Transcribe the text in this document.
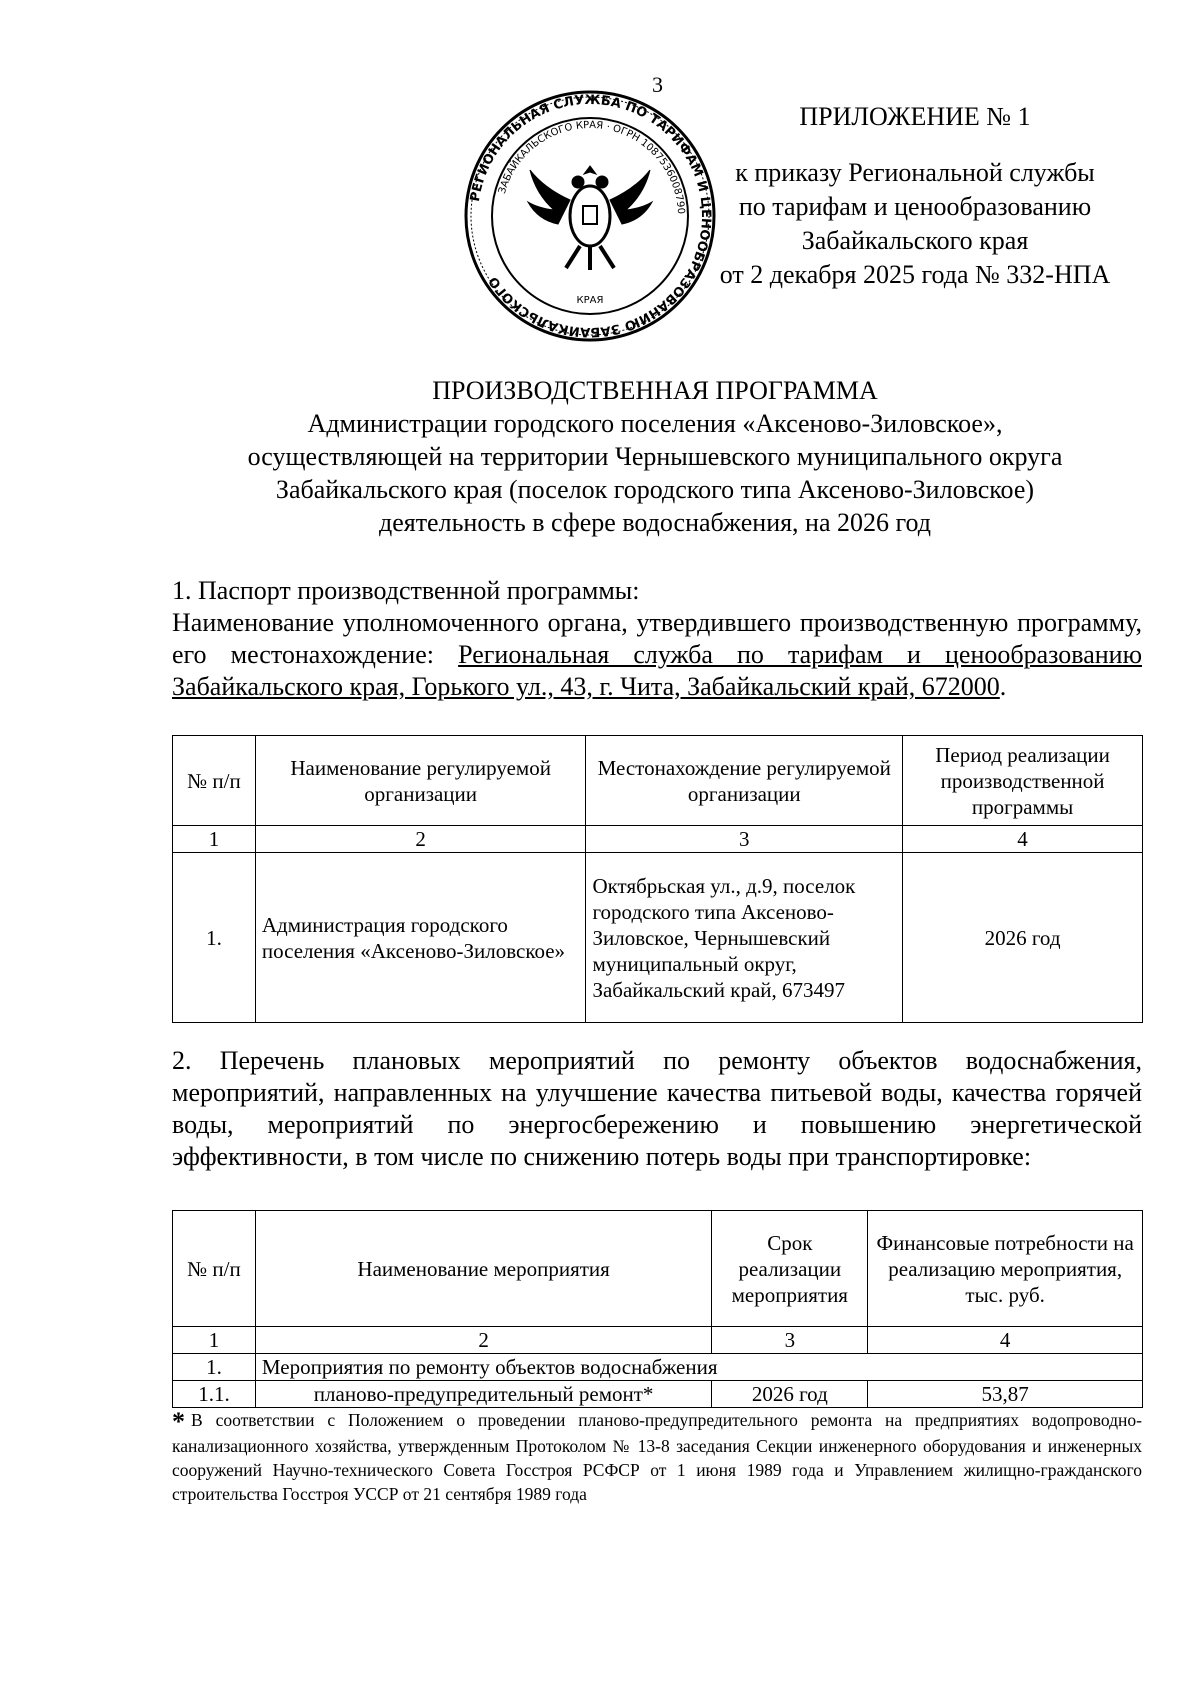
3
РЕГИОНАЛЬНАЯ СЛУЖБА ПО ТАРИФАМ И ЦЕНООБРАЗОВАНИЮ ЗАБАЙКАЛЬСКОГО
ЗАБАЙКАЛЬСКОГО КРАЯ · ОГРН 1087536008790
КРАЯ
ПРИЛОЖЕНИЕ № 1
к приказу Региональной службы
по тарифам и ценообразованию
Забайкальского края
от 2 декабря 2025 года № 332-НПА
ПРОИЗВОДСТВЕННАЯ ПРОГРАММА
Администрации городского поселения «Аксеново-Зиловское»,
осуществляющей на территории Чернышевского муниципального округа
Забайкальского края (поселок городского типа Аксеново-Зиловское)
деятельность в сфере водоснабжения, на 2026 год

1. Паспорт производственной программы:

Наименование уполномоченного органа, утвердившего производственную программу, его местонахождение: Региональная служба по тарифам и ценообразованию Забайкальского края, Горького ул., 43, г. Чита, Забайкальский край, 672000.

№ п/п	Наименование регулируемой организации	Местонахождение регулируемой организации	Период реализации производственной программы
1	2	3	4
1.	Администрация городского поселения «Аксеново-Зиловское»	Октябрьская ул., д.9, поселок городского типа Аксеново-Зиловское, Чернышевский муниципальный округ, Забайкальский край, 673497	2026 год

2. Перечень плановых мероприятий по ремонту объектов водоснабжения, мероприятий, направленных на улучшение качества питьевой воды, качества горячей воды, мероприятий по энергосбережению и повышению энергетической эффективности, в том числе по снижению потерь воды при транспортировке:

№ п/п	Наименование мероприятия	Срок реализации мероприятия	Финансовые потребности на реализацию мероприятия, тыс. руб.
1	2	3	4
1.	Мероприятия по ремонту объектов водоснабжения		
1.1.	планово-предупредительный ремонт*	2026 год	53,87
* В соответствии с Положением о проведении планово-предупредительного ремонта на предприятиях водопроводно-канализационного хозяйства, утвержденным Протоколом № 13-8 заседания Секции инженерного оборудования и инженерных сооружений Научно-технического Совета Госстроя РСФСР от 1 июня 1989 года и Управлением жилищно-гражданского строительства Госстроя УССР от 21 сентября 1989 года
